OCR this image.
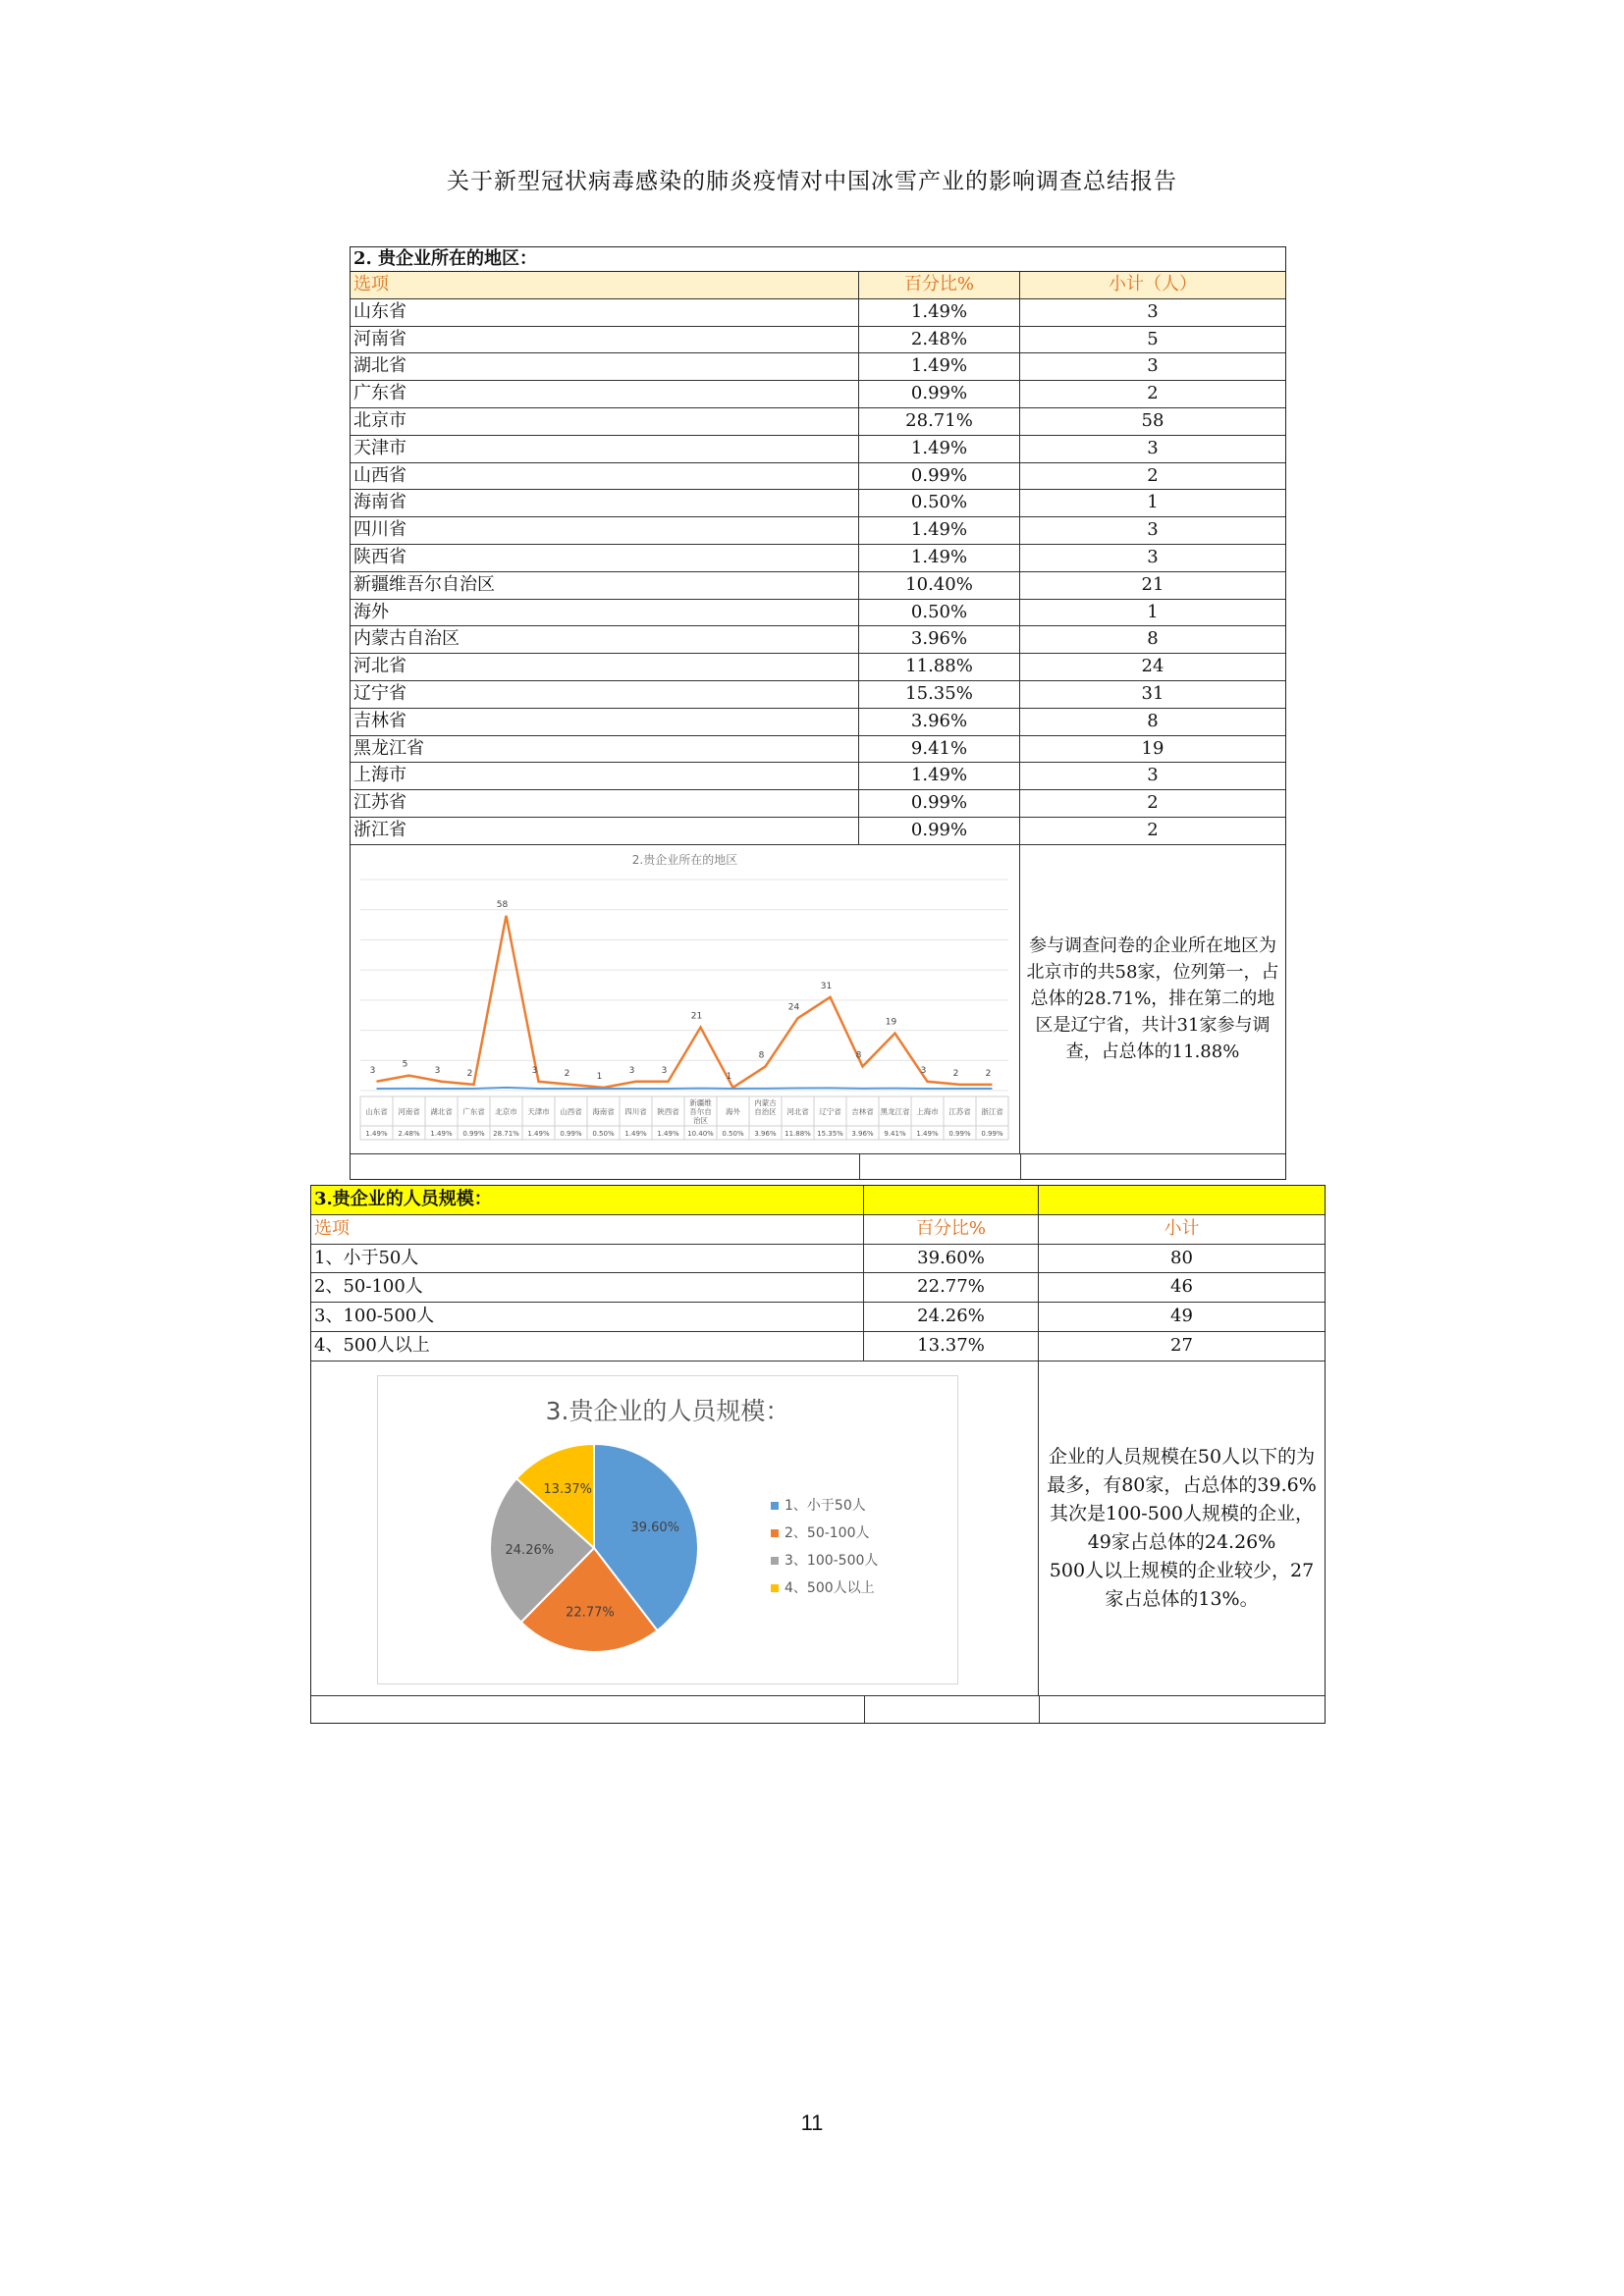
关于新型冠状病毒感染的肺炎疫情对中国冰雪产业的影响调查总结报告
2. 贵企业所在的地区：
选项	百分比%	小计（人）
山东省	1.49%	3
河南省	2.48%	5
湖北省	1.49%	3
广东省	0.99%	2
北京市	28.71%	58
天津市	1.49%	3
山西省	0.99%	2
海南省	0.50%	1
四川省	1.49%	3
陕西省	1.49%	3
新疆维吾尔自治区	10.40%	21
海外	0.50%	1
内蒙古自治区	3.96%	8
河北省	11.88%	24
辽宁省	15.35%	31
吉林省	3.96%	8
黑龙江省	9.41%	19
上海市	1.49%	3
江苏省	0.99%	2
浙江省	0.99%	2
2.贵企业所在的地区
3
5
3	2
58
3	2	1
3	3
21
1
8
24
31
8
19
3	2	2
山东省
1.49%
河南省
2.48%
湖北省
1.49%
广东省
0.99%
北京市
28.71%
天津市
1.49%
山西省
0.99%
海南省
0.50%
四川省
1.49%
陕西省
1.49%
新疆维
吾尔自
治区
10.40%
海外
0.50%
内蒙古
自治区
3.96%
河北省
11.88%
辽宁省
15.35%
吉林省
3.96%
黑龙江省
9.41%
上海市
1.49%
江苏省
0.99%
浙江省
0.99%
参与调查问卷的企业所在地区为北京市的共58家，位列第一，占总体的28.71%，排在第二的地区是辽宁省，共计31家参与调查，占总体的11.88%
3.贵企业的人员规模：
选项	百分比%	小计
1、小于50人	39.60%	80
2、50-100人	22.77%	46
3、100-500人	24.26%	49
4、500人以上	13.37%	27
3.贵企业的人员规模：
39.60%
22.77%
24.26%
13.37%
1、小于50人
2、50-100人
3、100-500人
4、500人以上
企业的人员规模在50人以下的为最多，有80家，占总体的39.6%
其次是100-500人规模的企业，49家占总体的24.26%
500人以上规模的企业较少，27家占总体的13%。
11
